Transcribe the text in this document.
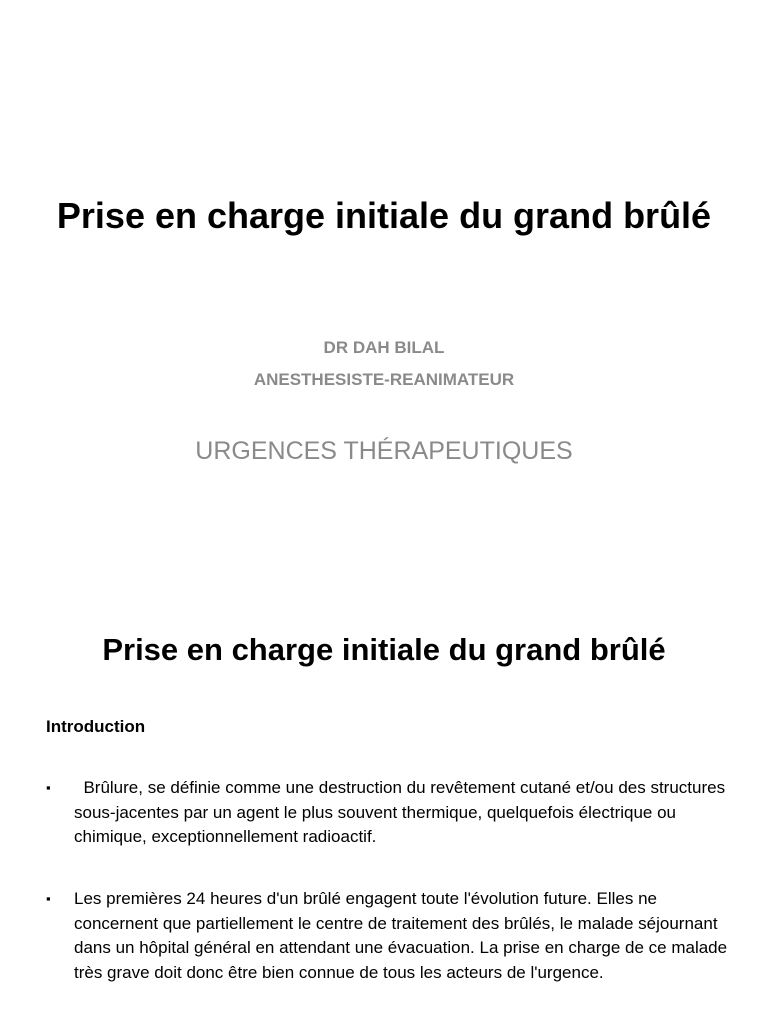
Prise en charge initiale du grand brûlé
DR DAH BILAL
ANESTHESISTE-REANIMATEUR
URGENCES THÉRAPEUTIQUES
Prise en charge initiale du grand brûlé
Introduction
▪ Brûlure, se définie comme une destruction du revêtement cutané et/ou des structures sous-jacentes par un agent le plus souvent thermique, quelquefois électrique ou chimique, exceptionnellement radioactif.
▪ Les premières 24 heures d'un brûlé engagent toute l'évolution future. Elles ne concernent que partiellement le centre de traitement des brûlés, le malade séjournant dans un hôpital général en attendant une évacuation. La prise en charge de ce malade très grave doit donc être bien connue de tous les acteurs de l'urgence.
